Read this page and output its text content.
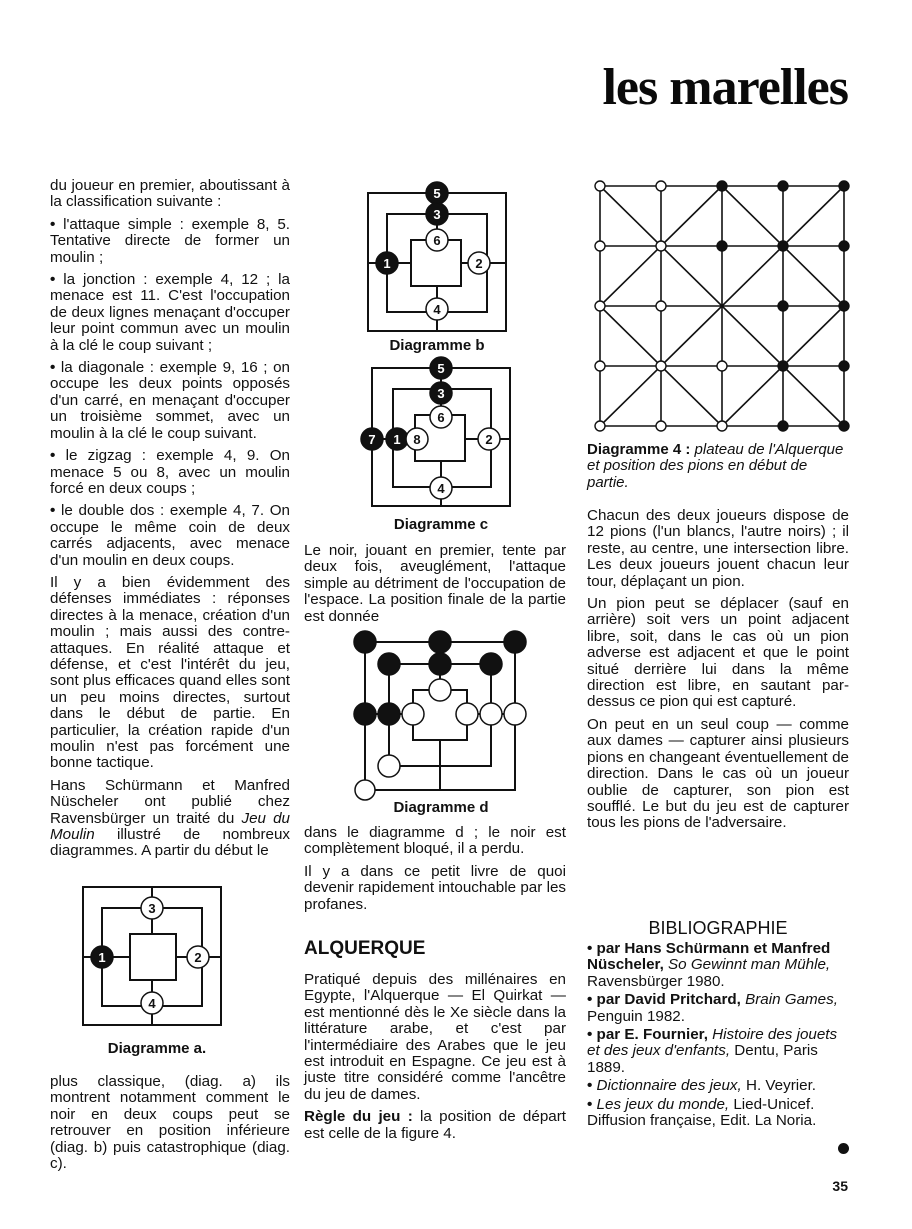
les marelles

du joueur en premier, aboutissant à la classification suivante :

• l'attaque simple : exemple 8, 5. Tentative directe de former un moulin ;

• la jonction : exemple 4, 12 ; la menace est 11. C'est l'occupation de deux lignes menaçant d'occuper leur point commun avec un moulin à la clé le coup suivant ;

• la diagonale : exemple 9, 16 ; on occupe les deux points opposés d'un carré, en menaçant d'occuper un troisième sommet, avec un moulin à la clé le coup suivant.

• le zigzag : exemple 4, 9. On menace 5 ou 8, avec un moulin forcé en deux coups ;

• le double dos : exemple 4, 7. On occupe le même coin de deux carrés adjacents, avec menace d'un moulin en deux coups.

Il y a bien évidemment des défenses immédiates : réponses directes à la menace, création d'un moulin ; mais aussi des contre-attaques. En réalité attaque et défense, et c'est l'intérêt du jeu, sont plus efficaces quand elles sont un peu moins directes, surtout dans le début de partie. En particulier, la création rapide d'un moulin n'est pas forcément une bonne tactique.

Hans Schürmann et Manfred Nüscheler ont publié chez Ravensbürger un traité du Jeu du Moulin illustré de nombreux diagrammes. A partir du début le

plus classique, (diag. a) ils montrent notamment comment le noir en deux coups peut se retrouver en position inférieure (diag. b) puis catastrophique (diag. c).

3
1	2
4
Diagramme a.
5
3
6
1	2
4
Diagramme b
5
3
6
7 1 8	2
4
Diagramme c

Le noir, jouant en premier, tente par deux fois, aveuglément, l'attaque simple au détriment de l'occupation de l'espace. La position finale de la partie est donnée

Diagramme d

dans le diagramme d ; le noir est complètement bloqué, il a perdu.

Il y a dans ce petit livre de quoi devenir rapidement intouchable par les profanes.

ALQUERQUE

Pratiqué depuis des millénaires en Egypte, l'Alquerque — El Quirkat — est mentionné dès le Xe siècle dans la littérature arabe, et c'est par l'intermédiaire des Arabes que le jeu est introduit en Espagne. Ce jeu est à juste titre considéré comme l'ancêtre du jeu de dames.

Règle du jeu : la position de départ est celle de la figure 4.

Diagramme 4 : plateau de l'Alquerque et position des pions en début de partie.

Chacun des deux joueurs dispose de 12 pions (l'un blancs, l'autre noirs) ; il reste, au centre, une intersection libre. Les deux joueurs jouent chacun leur tour, déplaçant un pion.

Un pion peut se déplacer (sauf en arrière) soit vers un point adjacent libre, soit, dans le cas où un pion adverse est adjacent et que le point situé derrière lui dans la même direction est libre, en sautant par-dessus ce pion qui est capturé.

On peut en un seul coup — comme aux dames — capturer ainsi plusieurs pions en changeant éventuellement de direction. Dans le cas où un joueur oublie de capturer, son pion est soufflé. Le but du jeu est de capturer tous les pions de l'adversaire.

BIBLIOGRAPHIE

• par Hans Schürmann et Manfred Nüscheler, So Gewinnt man Mühle, Ravensbürger 1980.

• par David Pritchard, Brain Games, Penguin 1982.

• par E. Fournier, Histoire des jouets et des jeux d'enfants, Dentu, Paris 1889.

• Dictionnaire des jeux, H. Veyrier.

• Les jeux du monde, Lied-Unicef. Diffusion française, Edit. La Noria.

35
